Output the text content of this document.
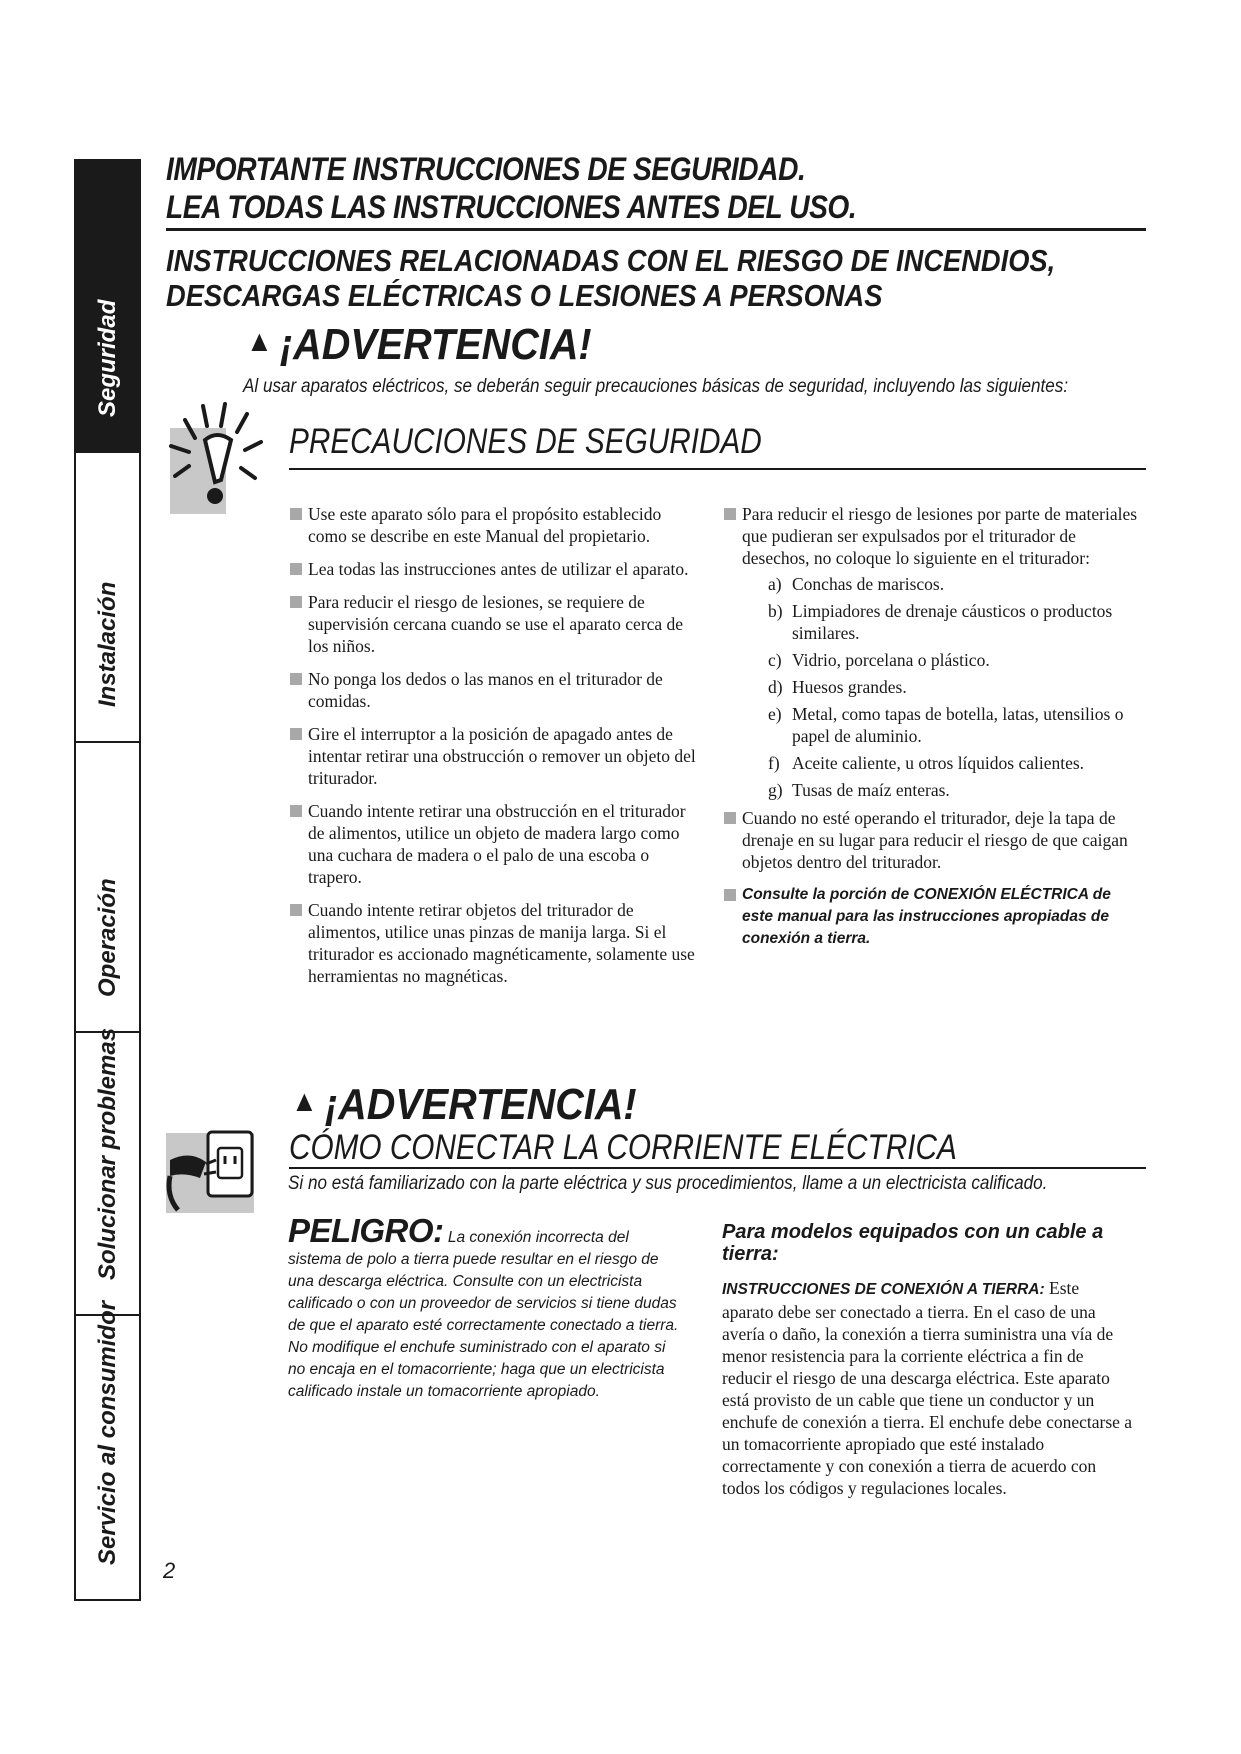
Seguridad
Instalación
Operación
Solucionar problemas
Servicio al consumidor
IMPORTANTE INSTRUCCIONES DE SEGURIDAD.
LEA TODAS LAS INSTRUCCIONES ANTES DEL USO.
INSTRUCCIONES RELACIONADAS CON EL RIESGO DE INCENDIOS,
DESCARGAS ELÉCTRICAS O LESIONES A PERSONAS
▲ ¡ADVERTENCIA!
Al usar aparatos eléctricos, se deberán seguir precauciones básicas de seguridad, incluyendo las siguientes:
PRECAUCIONES DE SEGURIDAD

Use este aparato sólo para el propósito establecido como se describe en este Manual del propietario.

Lea todas las instrucciones antes de utilizar el aparato.

Para reducir el riesgo de lesiones, se requiere de supervisión cercana cuando se use el aparato cerca de los niños.

No ponga los dedos o las manos en el triturador de comidas.

Gire el interruptor a la posición de apagado antes de intentar retirar una obstrucción o remover un objeto del triturador.

Cuando intente retirar una obstrucción en el triturador de alimentos, utilice un objeto de madera largo como una cuchara de madera o el palo de una escoba o trapero.

Cuando intente retirar objetos del triturador de alimentos, utilice unas pinzas de manija larga. Si el triturador es accionado magnéticamente, solamente use herramientas no magnéticas.

Para reducir el riesgo de lesiones por parte de materiales que pudieran ser expulsados por el triturador de desechos, no coloque lo siguiente en el triturador:

a) Conchas de mariscos.
b) Limpiadores de drenaje cáusticos o productos similares.
c) Vidrio, porcelana o plástico.
d) Huesos grandes.
e) Metal, como tapas de botella, latas, utensilios o papel de aluminio.
f) Aceite caliente, u otros líquidos calientes.
g) Tusas de maíz enteras.

Cuando no esté operando el triturador, deje la tapa de drenaje en su lugar para reducir el riesgo de que caigan objetos dentro del triturador.

Consulte la porción de CONEXIÓN ELÉCTRICA de este manual para las instrucciones apropiadas de conexión a tierra.

▲ ¡ADVERTENCIA!
CÓMO CONECTAR LA CORRIENTE ELÉCTRICA
Si no está familiarizado con la parte eléctrica y sus procedimientos, llame a un electricista calificado.
PELIGRO: La conexión incorrecta del sistema de polo a tierra puede resultar en el riesgo de una descarga eléctrica. Consulte con un electricista calificado o con un proveedor de servicios si tiene dudas de que el aparato esté correctamente conectado a tierra. No modifique el enchufe suministrado con el aparato si no encaja en el tomacorriente; haga que un electricista calificado instale un tomacorriente apropiado.
Para modelos equipados con un cable a tierra:
INSTRUCCIONES DE CONEXIÓN A TIERRA: Este aparato debe ser conectado a tierra. En el caso de una avería o daño, la conexión a tierra suministra una vía de menor resistencia para la corriente eléctrica a fin de reducir el riesgo de una descarga eléctrica. Este aparato está provisto de un cable que tiene un conductor y un enchufe de conexión a tierra. El enchufe debe conectarse a un tomacorriente apropiado que esté instalado correctamente y con conexión a tierra de acuerdo con todos los códigos y regulaciones locales.
2
